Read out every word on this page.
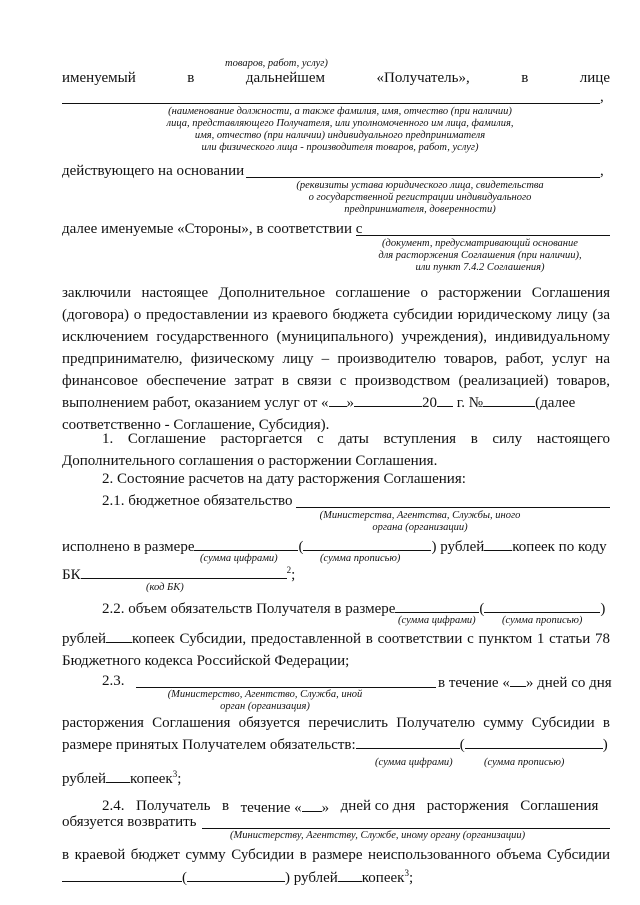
товаров, работ, услуг)
именуемый	в	дальнейшем	«Получатель»,	в	лице
,
(наименование должности, а также фамилия, имя, отчество (при наличии)
лица, представляющего Получателя, или уполномоченного им лица, фамилия,
имя, отчество (при наличии) индивидуального предпринимателя
или физического лица - производителя товаров, работ, услуг)
действующего на основании	,
(реквизиты устава юридического лица, свидетельства
о государственной регистрации индивидуального
предпринимателя, доверенности)
далее именуемые «Стороны», в соответствии с
(документ, предусматривающий основание
для расторжения Соглашения (при наличии),
или пункт 7.4.2 Соглашения)
заключили настоящее Дополнительное соглашение о расторжении Соглашения
(договора) о предоставлении из краевого бюджета субсидии юридическому лицу (за
исключением государственного (муниципального) учреждения), индивидуальному
предпринимателю, физическому лицу – производителю товаров, работ, услуг на
финансовое обеспечение затрат в связи с производством (реализацией) товаров,
выполнением работ, оказанием услуг от « »	20 г. №	(далее
соответственно - Соглашение, Субсидия).
1. Соглашение расторгается с даты вступления в силу настоящего
Дополнительного соглашения о расторжении Соглашения.
2. Состояние расчетов на дату расторжения Соглашения:
2.1. бюджетное обязательство
(Министерства, Агентства, Службы, иного
органа (организации)
исполнено в размере	(	) рублей копеек по коду
(сумма цифрами)	(сумма прописью)
БК	$^2$;
(код БК)
2.2. объем обязательств Получателя в размере	(	)
(сумма цифрами)	(сумма прописью)
рублей копеек Субсидии, предоставленной в соответствии с пунктом 1 статьи 78
Бюджетного кодекса Российской Федерации;
2.3.	в течение « » дней со дня
(Министерство, Агентство, Служба, иной
орган (организация)
расторжения Соглашения обязуется перечислить Получателю сумму Субсидии в
размере принятых Получателем обязательств:	(	)
(сумма цифрами)	(сумма прописью)
рублей копеек$^3$;
2.4. Получатель в течение « » дней со дня расторжения Соглашения
обязуется возвратить
(Министерству, Агентству, Службе, иному органу (организации)
в краевой бюджет сумму Субсидии в размере неиспользованного объема Субсидии
(	) рублей копеек$^3$;
